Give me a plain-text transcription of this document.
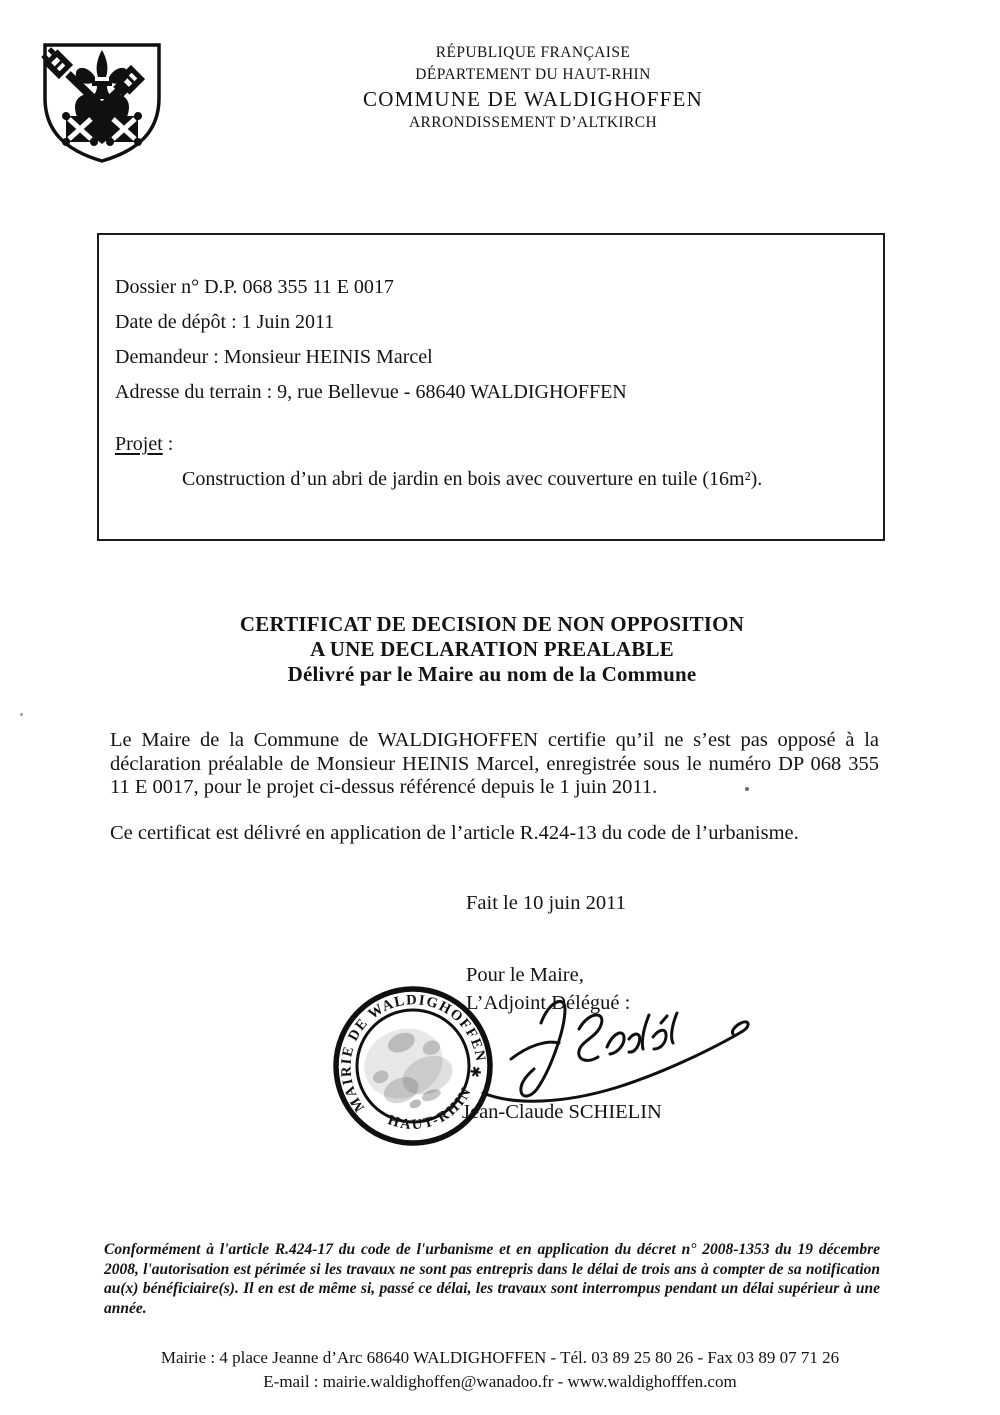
RÉPUBLIQUE FRANÇAISE
DÉPARTEMENT DU HAUT-RHIN
COMMUNE DE WALDIGHOFFEN
ARRONDISSEMENT D’ALTKIRCH

Dossier n° D.P. 068 355 11 E 0017

Date de dépôt : 1 Juin 2011

Demandeur : Monsieur HEINIS Marcel

Adresse du terrain : 9, rue Bellevue - 68640 WALDIGHOFFEN

Projet :

Construction d’un abri de jardin en bois avec couverture en tuile (16m²).

CERTIFICAT DE DECISION DE NON OPPOSITION
A UNE DECLARATION PREALABLE
Délivré par le Maire au nom de la Commune

Le Maire de la Commune de WALDIGHOFFEN certifie qu’il ne s’est pas opposé à la déclaration préalable de Monsieur HEINIS Marcel, enregistrée sous le numéro DP 068 355 11 E 0017, pour le projet ci-dessus référencé depuis le 1 juin 2011.

Ce certificat est délivré en application de l’article R.424-13 du code de l’urbanisme.

Fait le 10 juin 2011
Pour le Maire,
L’Adjoint Délégué :
Jean-Claude SCHIELIN
MAIRIE DE WALDIGHOFFEN
HAUT-RHIN
✱

Conformément à l'article R.424-17 du code de l'urbanisme et en application du décret n° 2008-1353 du 19 décembre 2008, l'autorisation est périmée si les travaux ne sont pas entrepris dans le délai de trois ans à compter de sa notification au(x) bénéficiaire(s). Il en est de même si, passé ce délai, les travaux sont interrompus pendant un délai supérieur à une année.

Mairie : 4 place Jeanne d’Arc 68640 WALDIGHOFFEN - Tél. 03 89 25 80 26 - Fax 03 89 07 71 26
E-mail : mairie.waldighoffen@wanadoo.fr - www.waldighofffen.com
